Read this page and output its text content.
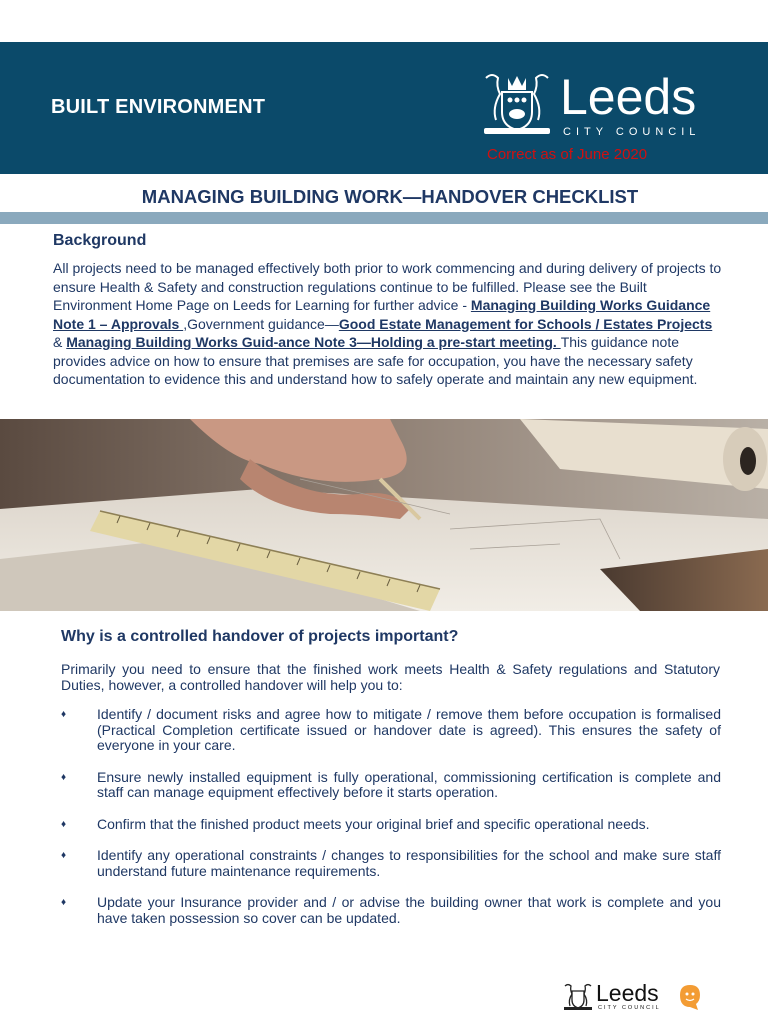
BUILT ENVIRONMENT	Leeds
CITY COUNCIL
Correct as of June 2020
MANAGING BUILDING WORK—HANDOVER CHECKLIST
Background
All projects need to be managed effectively both prior to work commencing and during delivery of projects to ensure Health & Safety and construction regulations continue to be fulfilled. Please see the Built Environment Home Page on Leeds for Learning for further advice - Managing Building Works Guidance Note 1 – Approvals ,Government guidance—Good Estate Management for Schools / Estates Projects & Managing Building Works Guid-ance Note 3—Holding a pre-start meeting. This guidance note provides advice on how to ensure that premises are safe for occupation, you have the necessary safety documentation to evidence this and understand how to safely operate and maintain any new equipment.
Why is a controlled handover of projects important?
Primarily you need to ensure that the finished work meets Health & Safety regulations and Statutory Duties, however, a controlled handover will help you to:
♦ Identify / document risks and agree how to mitigate / remove them before occupation is formalised (Practical Completion certificate issued or handover date is agreed). This ensures the safety of everyone in your care.
♦ Ensure newly installed equipment is fully operational, commissioning certification is complete and staff can manage equipment effectively before it starts operation.
♦ Confirm that the finished product meets your original brief and specific operational needs.
♦ Identify any operational constraints / changes to responsibilities for the school and make sure staff understand future maintenance requirements.
♦ Update your Insurance provider and / or advise the building owner that work is complete and you have taken possession so cover can be updated.
Leeds
CITY COUNCIL
